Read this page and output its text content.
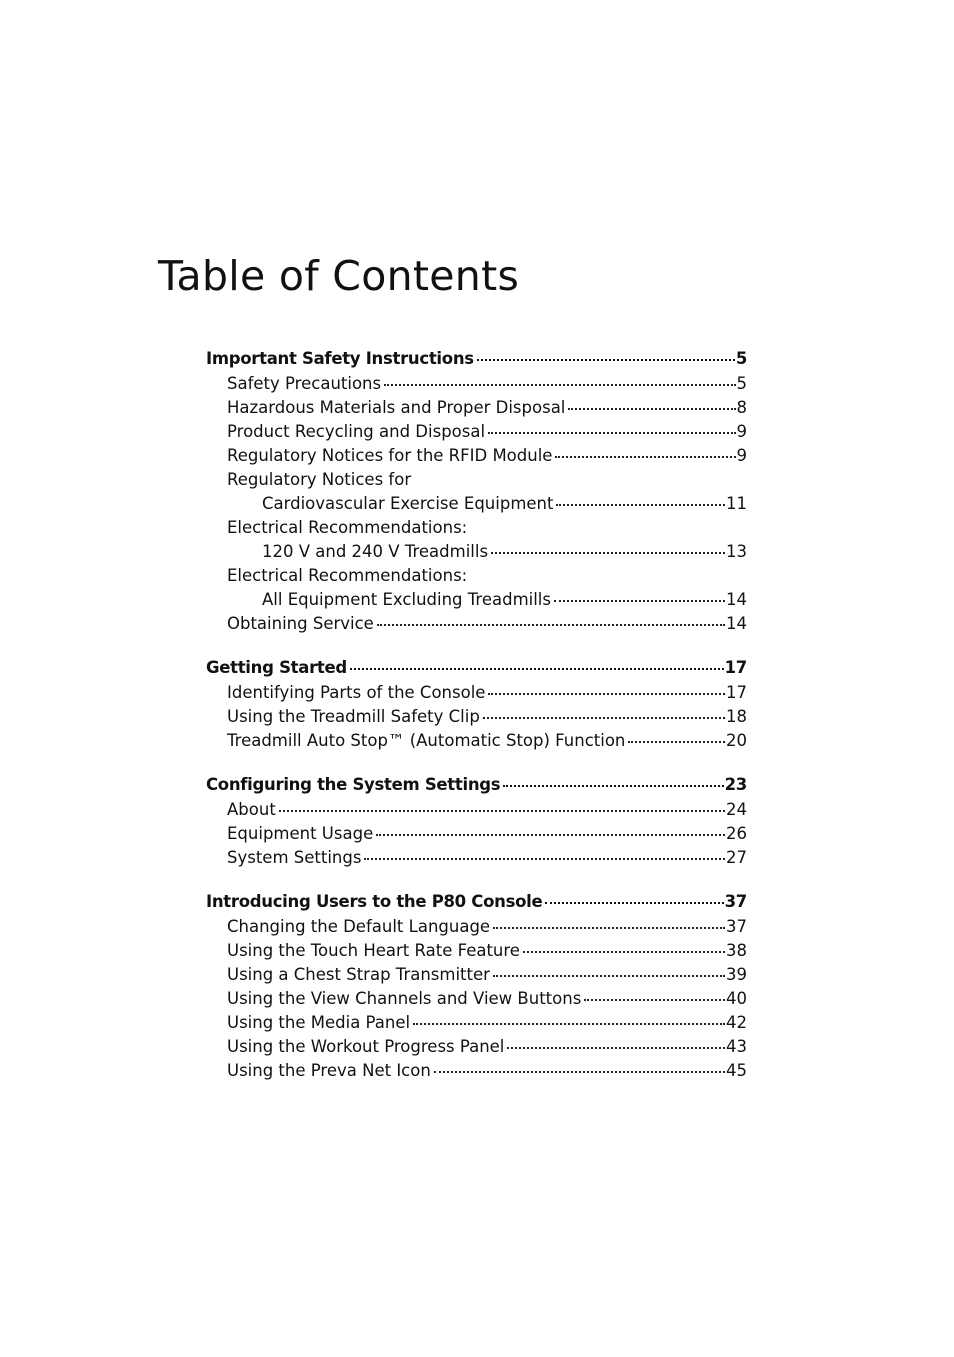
Table of Contents
Important Safety Instructions	5
Safety Precautions	5
Hazardous Materials and Proper Disposal	8
Product Recycling and Disposal	9
Regulatory Notices for the RFID Module	9
Regulatory Notices for
Cardiovascular Exercise Equipment	11
Electrical Recommendations:
120 V and 240 V Treadmills	13
Electrical Recommendations:
All Equipment Excluding Treadmills	14
Obtaining Service	14
Getting Started	17
Identifying Parts of the Console	17
Using the Treadmill Safety Clip	18
Treadmill Auto Stop™ (Automatic Stop) Function	20
Configuring the System Settings	23
About	24
Equipment Usage	26
System Settings	27
Introducing Users to the P80 Console	37
Changing the Default Language	37
Using the Touch Heart Rate Feature	38
Using a Chest Strap Transmitter	39
Using the View Channels and View Buttons	40
Using the Media Panel	42
Using the Workout Progress Panel	43
Using the Preva Net Icon	45
